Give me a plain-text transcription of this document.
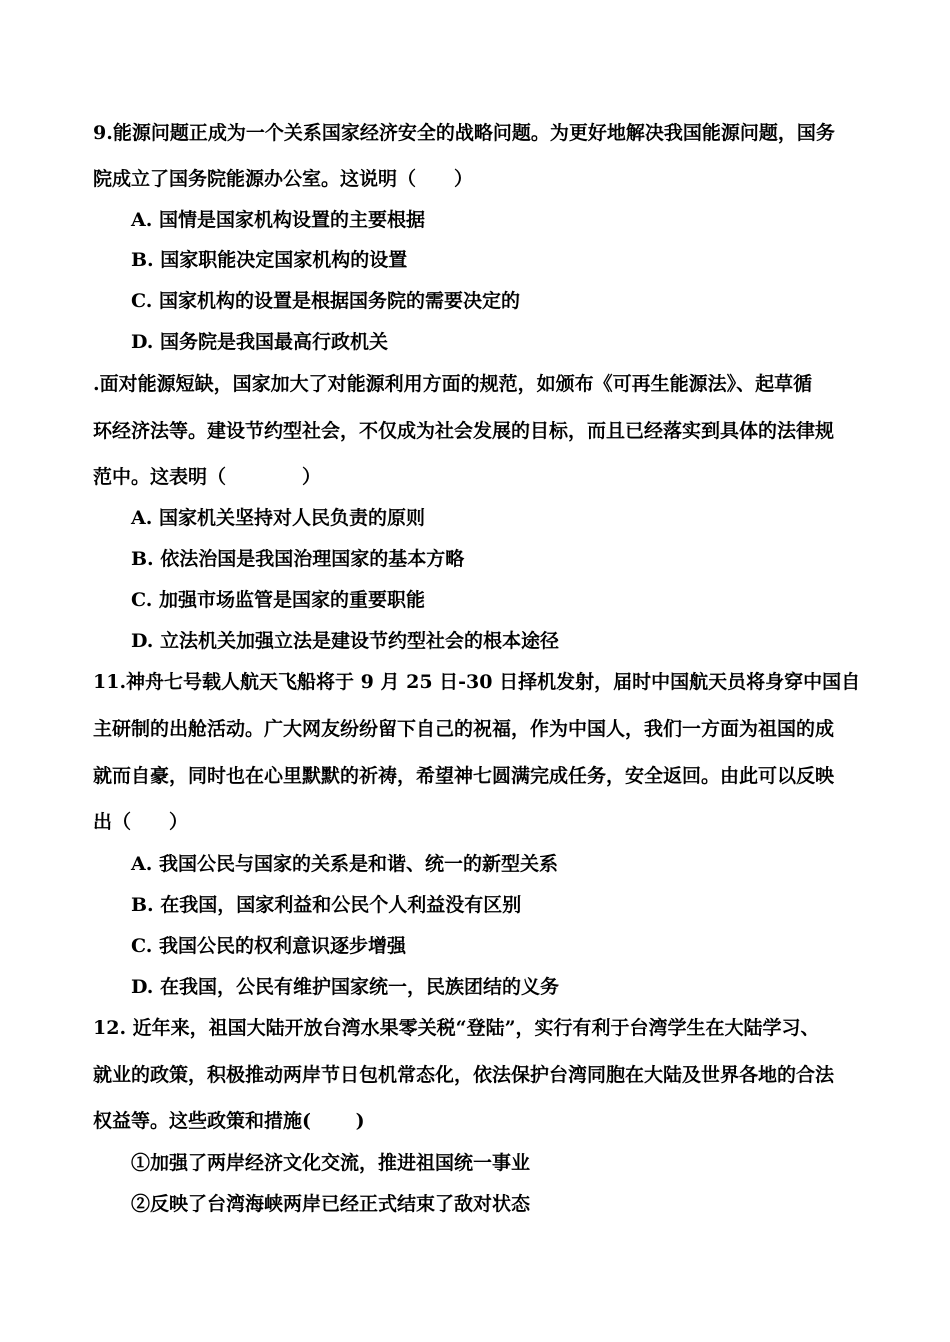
9.能源问题正成为一个关系国家经济安全的战略问题。为更好地解决我国能源问题，国务
院成立了国务院能源办公室。这说明（　　）
A. 国情是国家机构设置的主要根据
B. 国家职能决定国家机构的设置
C. 国家机构的设置是根据国务院的需要决定的
D. 国务院是我国最高行政机关
.面对能源短缺，国家加大了对能源利用方面的规范，如颁布《可再生能源法》、起草循
环经济法等。建设节约型社会，不仅成为社会发展的目标，而且已经落实到具体的法律规
范中。这表明（　　　　）
A. 国家机关坚持对人民负责的原则
B. 依法治国是我国治理国家的基本方略
C. 加强市场监管是国家的重要职能
D. 立法机关加强立法是建设节约型社会的根本途径
11.神舟七号载人航天飞船将于 9 月 25 日-30 日择机发射，届时中国航天员将身穿中国自
主研制的出舱活动。广大网友纷纷留下自己的祝福，作为中国人，我们一方面为祖国的成
就而自豪，同时也在心里默默的祈祷，希望神七圆满完成任务，安全返回。由此可以反映
出（　　）
A. 我国公民与国家的关系是和谐、统一的新型关系
B. 在我国，国家利益和公民个人利益没有区别
C. 我国公民的权利意识逐步增强
D. 在我国，公民有维护国家统一，民族团结的义务
12. 近年来，祖国大陆开放台湾水果零关税“登陆”，实行有利于台湾学生在大陆学习、
就业的政策，积极推动两岸节日包机常态化，依法保护台湾同胞在大陆及世界各地的合法
权益等。这些政策和措施(　　 )
①加强了两岸经济文化交流，推进祖国统一事业
②反映了台湾海峡两岸已经正式结束了敌对状态
